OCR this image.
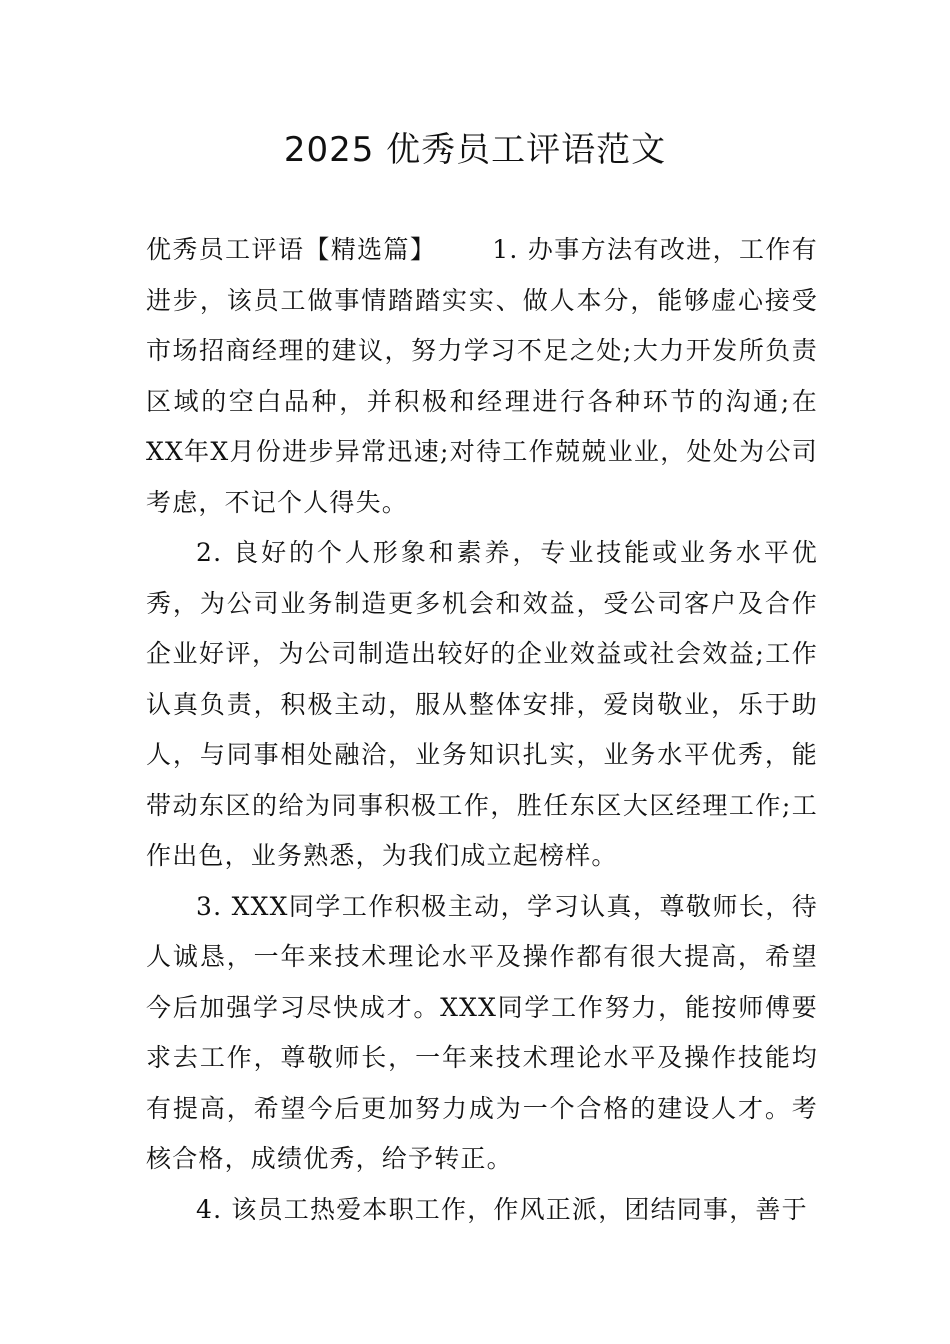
2025 优秀员工评语范文

优秀员工评语【精选篇】 1. 办事方法有改进，工作有进步，该员工做事情踏踏实实、做人本分，能够虚心接受市场招商经理的建议，努力学习不足之处;大力开发所负责区域的空白品种，并积极和经理进行各种环节的沟通;在XX年X月份进步异常迅速;对待工作兢兢业业，处处为公司考虑，不记个人得失。

2. 良好的个人形象和素养，专业技能或业务水平优秀，为公司业务制造更多机会和效益，受公司客户及合作企业好评，为公司制造出较好的企业效益或社会效益;工作认真负责，积极主动，服从整体安排，爱岗敬业，乐于助人，与同事相处融洽，业务知识扎实，业务水平优秀，能带动东区的给为同事积极工作，胜任东区大区经理工作;工作出色，业务熟悉，为我们成立起榜样。

3. XXX同学工作积极主动，学习认真，尊敬师长，待人诚恳，一年来技术理论水平及操作都有很大提高，希望今后加强学习尽快成才。XXX同学工作努力，能按师傅要求去工作，尊敬师长，一年来技术理论水平及操作技能均有提高，希望今后更加努力成为一个合格的建设人才。考核合格，成绩优秀，给予转正。

4. 该员工热爱本职工作，作风正派，团结同事，善于
